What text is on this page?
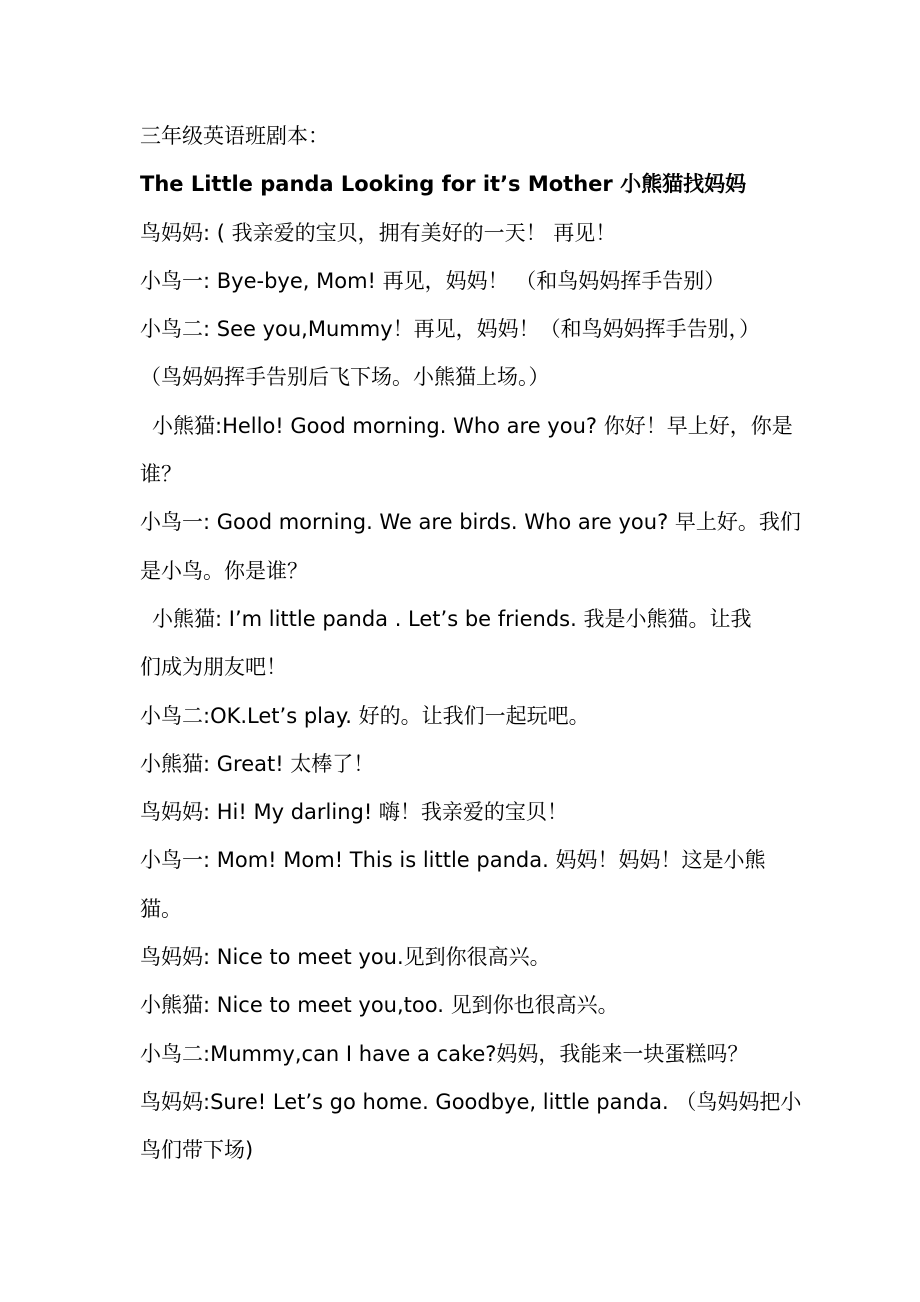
三年级英语班剧本：
The Little panda Looking for it’s Mother 小熊猫找妈妈
鸟妈妈: ( 我亲爱的宝贝，拥有美好的一天！ 再见！
小鸟一: Bye-bye, Mom! 再见，妈妈！ （和鸟妈妈挥手告别）
小鸟二: See you,Mummy！再见，妈妈！（和鸟妈妈挥手告别，）
（鸟妈妈挥手告别后飞下场。小熊猫上场。）
小熊猫:Hello! Good morning. Who are you? 你好！早上好，你是
谁？
小鸟一: Good morning. We are birds. Who are you? 早上好。我们
是小鸟。你是谁？
小熊猫: I’m little panda . Let’s be friends. 我是小熊猫。让我
们成为朋友吧！
小鸟二:OK.Let’s play. 好的。让我们一起玩吧。
小熊猫: Great! 太棒了！
鸟妈妈: Hi! My darling! 嗨！我亲爱的宝贝！
小鸟一: Mom! Mom! This is little panda. 妈妈！妈妈！这是小熊
猫。
鸟妈妈: Nice to meet you.见到你很高兴。
小熊猫: Nice to meet you,too. 见到你也很高兴。
小鸟二:Mummy,can I have a cake?妈妈，我能来一块蛋糕吗？
鸟妈妈:Sure! Let’s go home. Goodbye, little panda. （鸟妈妈把小
鸟们带下场)
